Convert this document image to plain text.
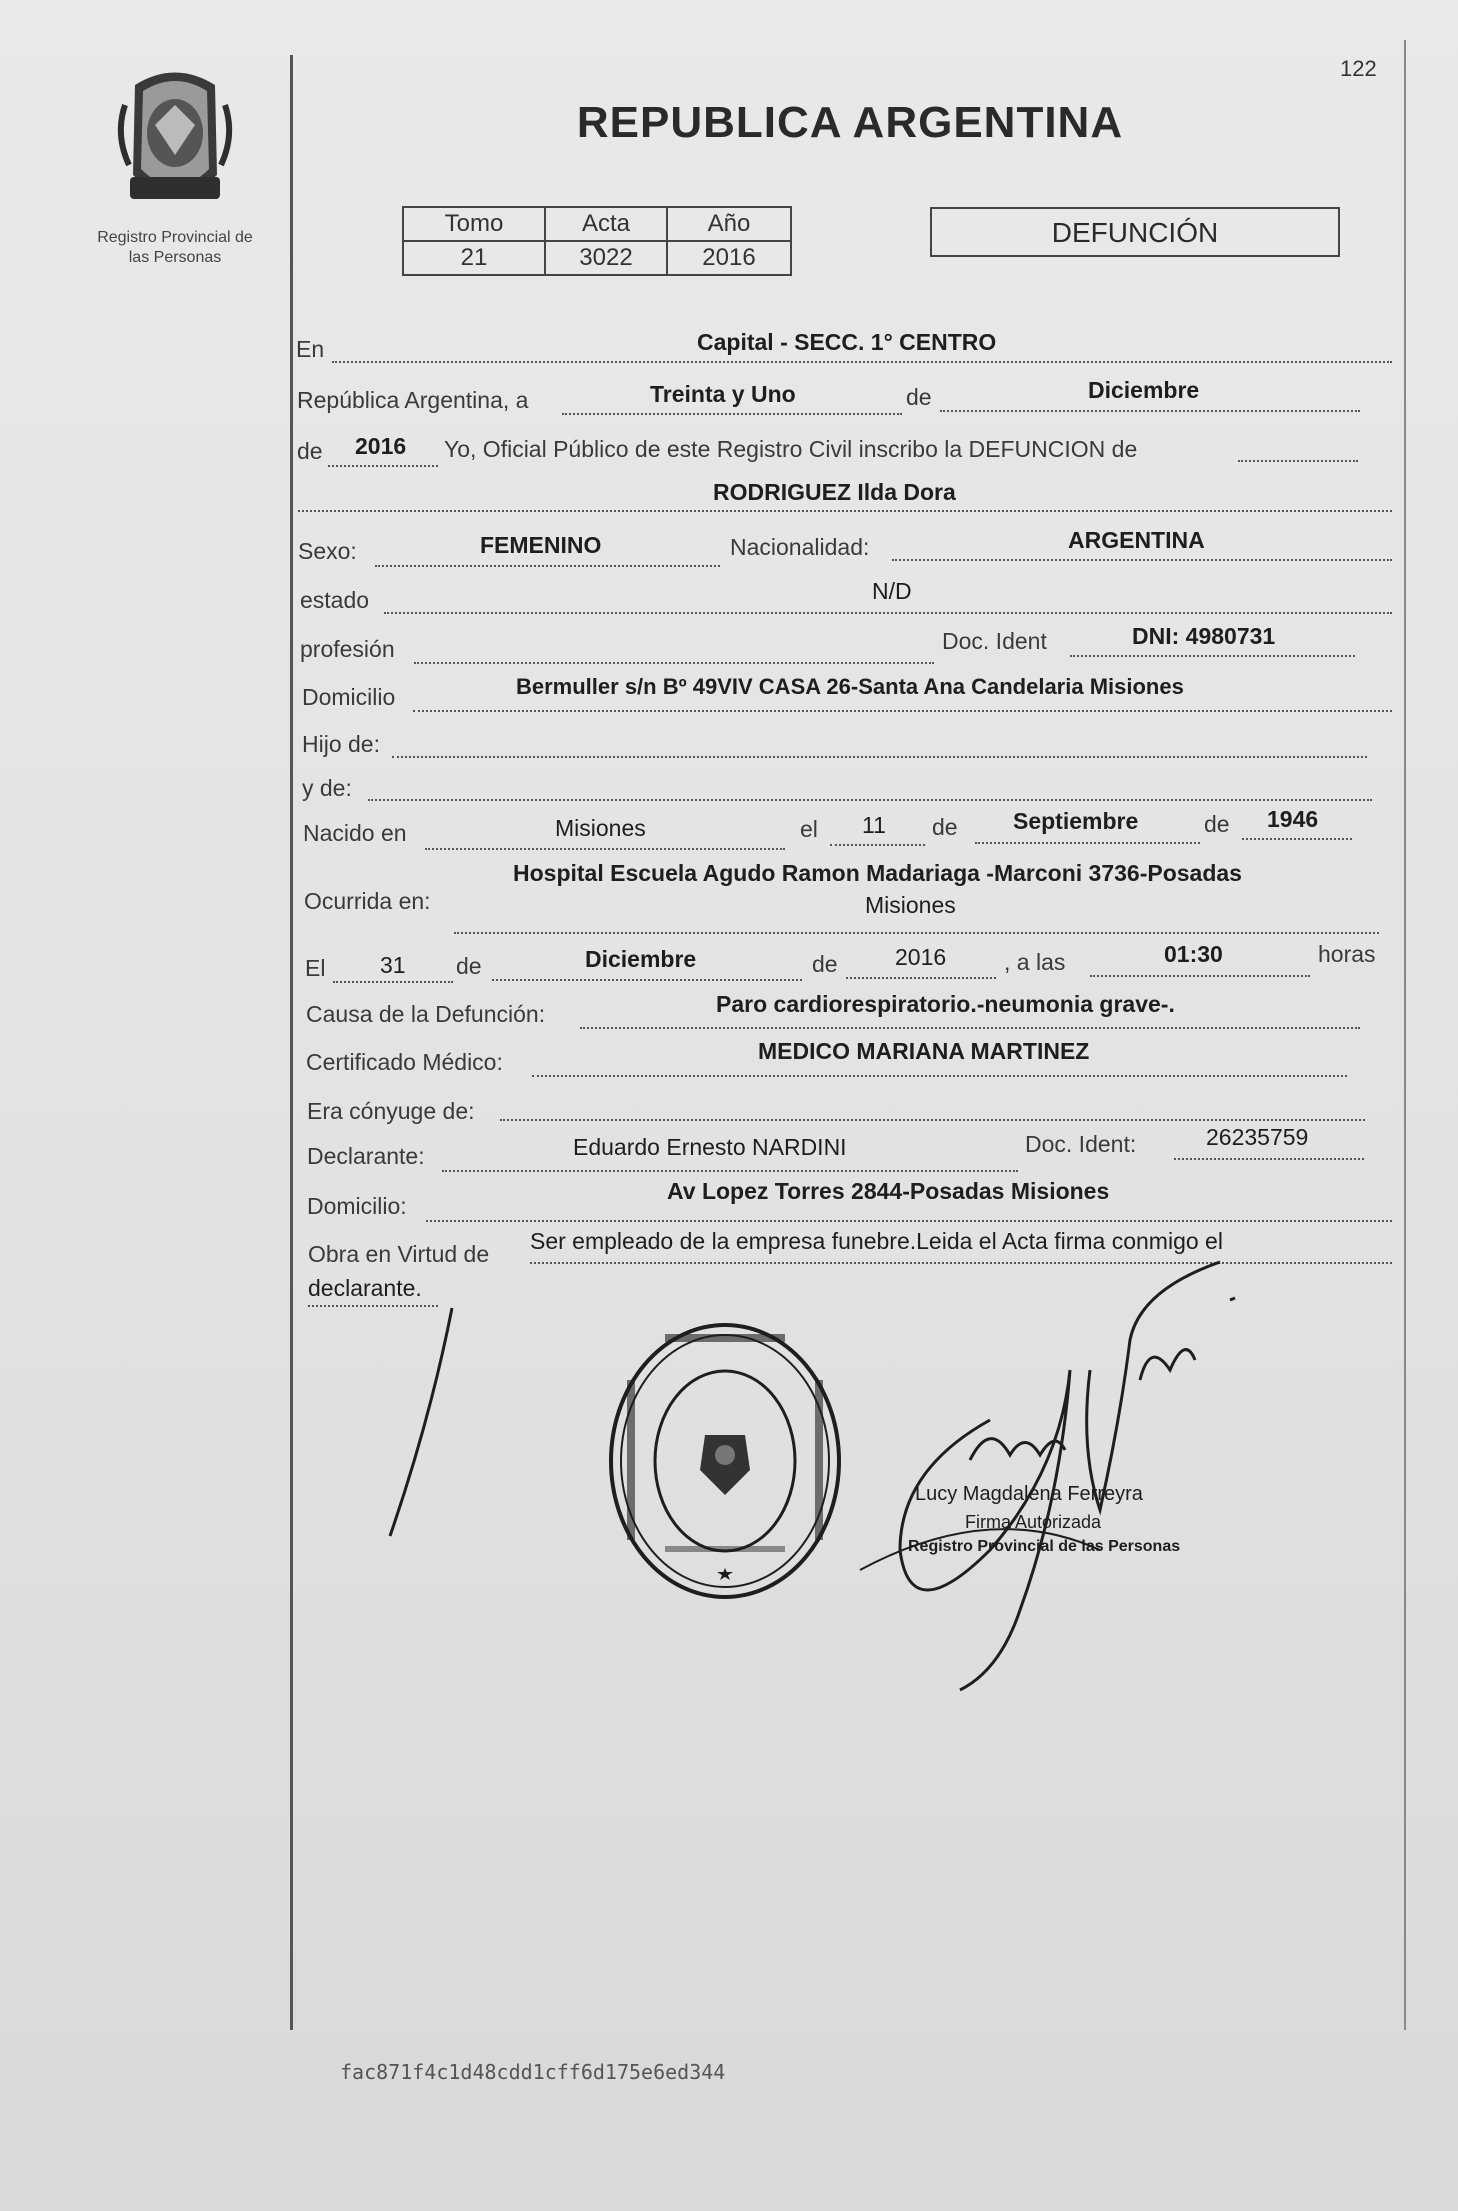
Registro Provincial de
las Personas
122
REPUBLICA ARGENTINA
Tomo	Acta	Año
21	3022	2016
DEFUNCIÓN
En	Capital - SECC. 1° CENTRO
República Argentina, a	Treinta y Uno	de	Diciembre
de 2016 Yo, Oficial Público de este Registro Civil inscribo la DEFUNCION de
RODRIGUEZ Ilda Dora
Sexo:	FEMENINO	Nacionalidad:	ARGENTINA
estado	N/D
profesión	Doc. Ident	DNI: 4980731
Domicilio	Bermuller s/n Bº 49VIV CASA 26-Santa Ana Candelaria Misiones
Hijo de:
y de:
Nacido en	Misiones	el 11 de Septiembre	de 1946
Hospital Escuela Agudo Ramon Madariaga -Marconi 3736-Posadas
Ocurrida en:	Misiones
El 31 de	Diciembre	de 2016	, a las	01:30	horas
Causa de la Defunción:	Paro cardiorespiratorio.-neumonia grave-.
Certificado Médico:	MEDICO MARIANA MARTINEZ
Era cónyuge de:
Declarante:	Eduardo Ernesto NARDINI	Doc. Ident:	26235759
Domicilio:
Av Lopez Torres 2844-Posadas Misiones
Obra en Virtud de Ser empleado de la empresa funebre.Leida el Acta firma conmigo el
declarante.
Lucy Magdalena Ferreyra
Firma Autorizada
Registro Provincial de las Personas
fac871f4c1d48cdd1cff6d175e6ed344
